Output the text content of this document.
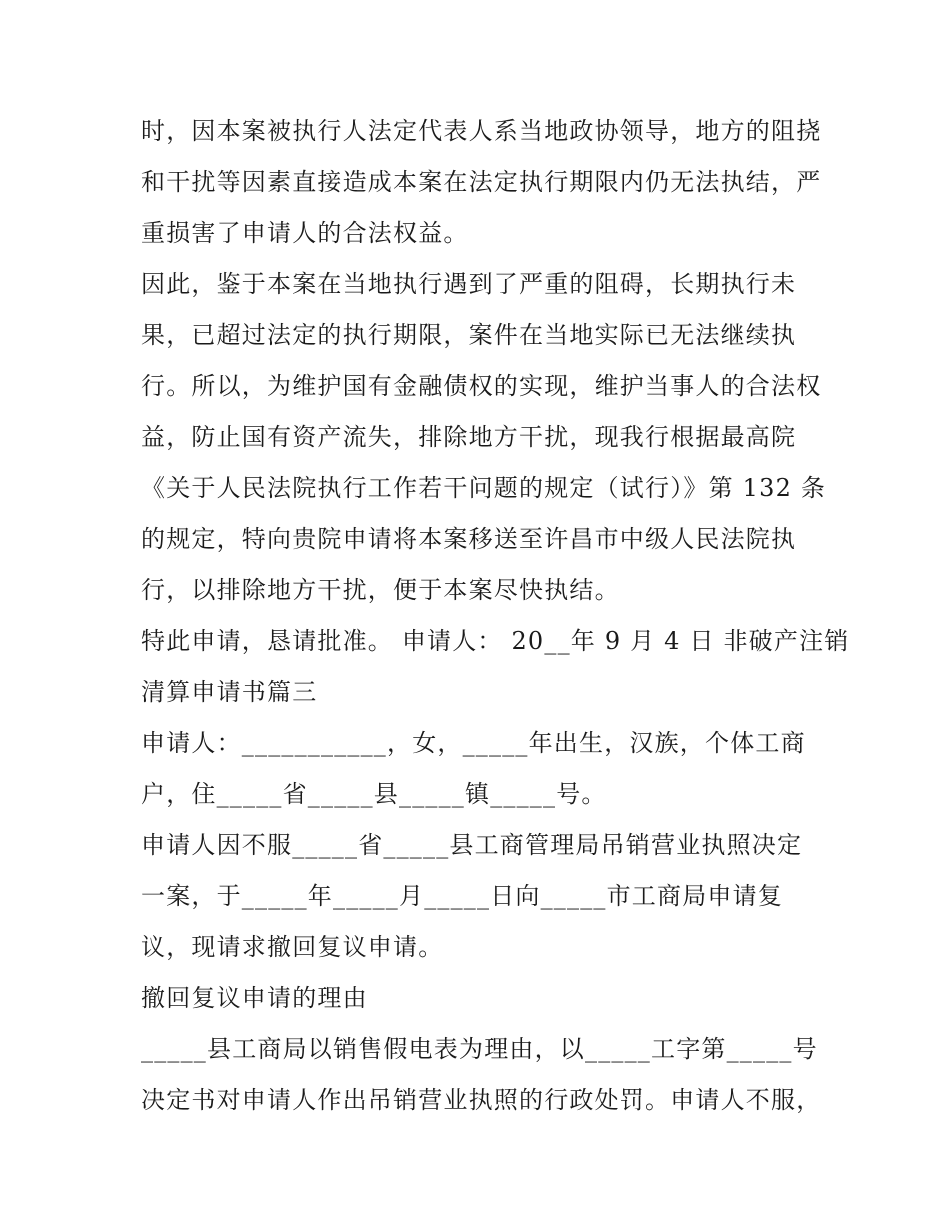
时，因本案被执行人法定代表人系当地政协领导，地方的阻挠
和干扰等因素直接造成本案在法定执行期限内仍无法执结，严
重损害了申请人的合法权益。
因此，鉴于本案在当地执行遇到了严重的阻碍，长期执行未
果，已超过法定的执行期限，案件在当地实际已无法继续执
行。所以，为维护国有金融债权的实现，维护当事人的合法权
益，防止国有资产流失，排除地方干扰，现我行根据最高院
《关于人民法院执行工作若干问题的规定（试行）》第 132 条
的规定，特向贵院申请将本案移送至许昌市中级人民法院执
行，以排除地方干扰，便于本案尽快执结。
特此申请，恳请批准。 申请人： 20__年 9 月 4 日 非破产注销
清算申请书篇三
申请人：___________，女，_____年出生，汉族，个体工商
户，住_____省_____县_____镇_____号。
申请人因不服_____省_____县工商管理局吊销营业执照决定
一案，于_____年_____月_____日向_____市工商局申请复
议，现请求撤回复议申请。
撤回复议申请的理由
_____县工商局以销售假电表为理由，以_____工字第_____号
决定书对申请人作出吊销营业执照的行政处罚。申请人不服，
